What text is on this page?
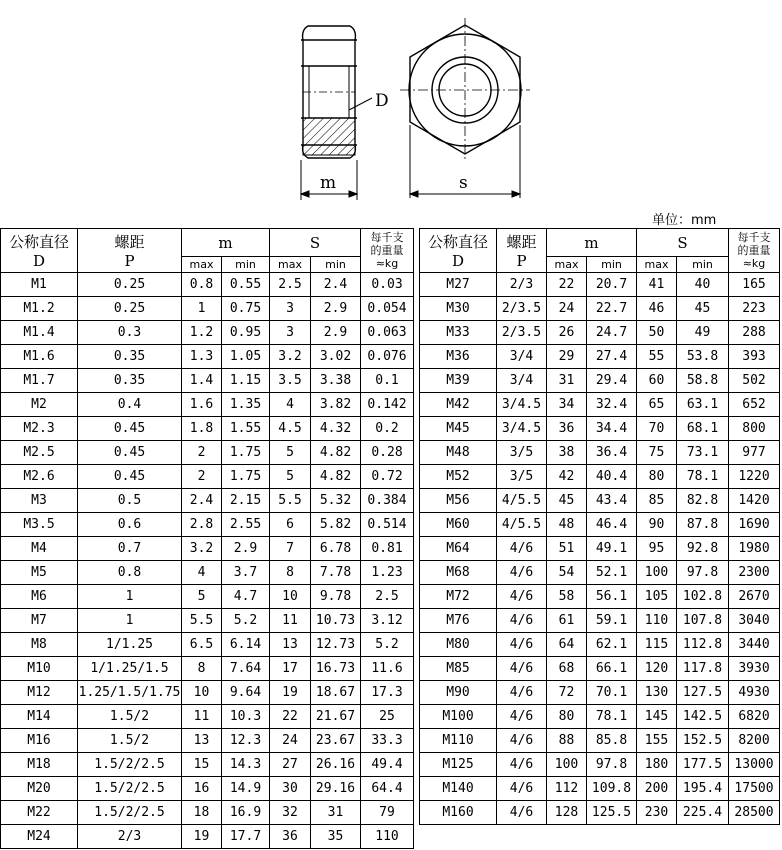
D
m	s
单位：mm
公称直径
D	螺距
P	m		S		每千支
的重量
≈kg

		max	min	max	min	
M1	0.25	0.8	0.55	2.5	2.4	0.03
M1.2	0.25	1	0.75	3	2.9	0.054
M1.4	0.3	1.2	0.95	3	2.9	0.063
M1.6	0.35	1.3	1.05	3.2	3.02	0.076
M1.7	0.35	1.4	1.15	3.5	3.38	0.1
M2	0.4	1.6	1.35	4	3.82	0.142
M2.3	0.45	1.8	1.55	4.5	4.32	0.2
M2.5	0.45	2	1.75	5	4.82	0.28
M2.6	0.45	2	1.75	5	4.82	0.72
M3	0.5	2.4	2.15	5.5	5.32	0.384
M3.5	0.6	2.8	2.55	6	5.82	0.514
M4	0.7	3.2	2.9	7	6.78	0.81
M5	0.8	4	3.7	8	7.78	1.23
M6	1	5	4.7	10	9.78	2.5
M7	1	5.5	5.2	11	10.73	3.12
M8	1/1.25	6.5	6.14	13	12.73	5.2
M10	1/1.25/1.5	8	7.64	17	16.73	11.6
M12	1.25/1.5/1.75	10	9.64	19	18.67	17.3
M14	1.5/2	11	10.3	22	21.67	25
M16	1.5/2	13	12.3	24	23.67	33.3
M18	1.5/2/2.5	15	14.3	27	26.16	49.4
M20	1.5/2/2.5	16	14.9	30	29.16	64.4
M22	1.5/2/2.5	18	16.9	32	31	79
M24	2/3	19	17.7	36	35	110
公称直径
D	螺距
P	m		S		每千支
的重量
≈kg

		max	min	max	min	
M27	2/3	22	20.7	41	40	165
M30	2/3.5	24	22.7	46	45	223
M33	2/3.5	26	24.7	50	49	288
M36	3/4	29	27.4	55	53.8	393
M39	3/4	31	29.4	60	58.8	502
M42	3/4.5	34	32.4	65	63.1	652
M45	3/4.5	36	34.4	70	68.1	800
M48	3/5	38	36.4	75	73.1	977
M52	3/5	42	40.4	80	78.1	1220
M56	4/5.5	45	43.4	85	82.8	1420
M60	4/5.5	48	46.4	90	87.8	1690
M64	4/6	51	49.1	95	92.8	1980
M68	4/6	54	52.1	100	97.8	2300
M72	4/6	58	56.1	105	102.8	2670
M76	4/6	61	59.1	110	107.8	3040
M80	4/6	64	62.1	115	112.8	3440
M85	4/6	68	66.1	120	117.8	3930
M90	4/6	72	70.1	130	127.5	4930
M100	4/6	80	78.1	145	142.5	6820
M110	4/6	88	85.8	155	152.5	8200
M125	4/6	100	97.8	180	177.5	13000
M140	4/6	112	109.8	200	195.4	17500
M160	4/6	128	125.5	230	225.4	28500
